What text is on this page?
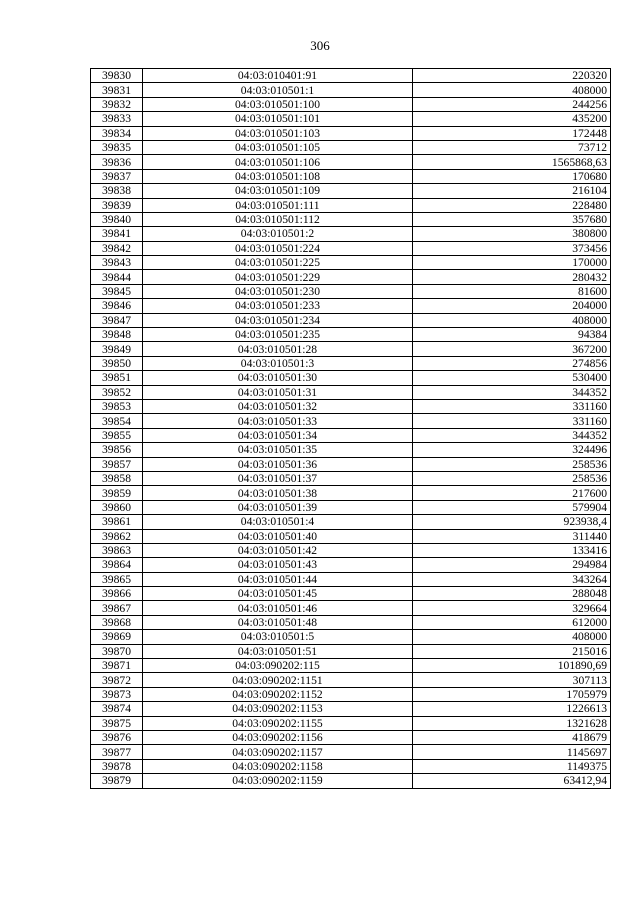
306
39830	04:03:010401:91	220320
39831	04:03:010501:1	408000
39832	04:03:010501:100	244256
39833	04:03:010501:101	435200
39834	04:03:010501:103	172448
39835	04:03:010501:105	73712
39836	04:03:010501:106	1565868,63
39837	04:03:010501:108	170680
39838	04:03:010501:109	216104
39839	04:03:010501:111	228480
39840	04:03:010501:112	357680
39841	04:03:010501:2	380800
39842	04:03:010501:224	373456
39843	04:03:010501:225	170000
39844	04:03:010501:229	280432
39845	04:03:010501:230	81600
39846	04:03:010501:233	204000
39847	04:03:010501:234	408000
39848	04:03:010501:235	94384
39849	04:03:010501:28	367200
39850	04:03:010501:3	274856
39851	04:03:010501:30	530400
39852	04:03:010501:31	344352
39853	04:03:010501:32	331160
39854	04:03:010501:33	331160
39855	04:03:010501:34	344352
39856	04:03:010501:35	324496
39857	04:03:010501:36	258536
39858	04:03:010501:37	258536
39859	04:03:010501:38	217600
39860	04:03:010501:39	579904
39861	04:03:010501:4	923938,4
39862	04:03:010501:40	311440
39863	04:03:010501:42	133416
39864	04:03:010501:43	294984
39865	04:03:010501:44	343264
39866	04:03:010501:45	288048
39867	04:03:010501:46	329664
39868	04:03:010501:48	612000
39869	04:03:010501:5	408000
39870	04:03:010501:51	215016
39871	04:03:090202:115	101890,69
39872	04:03:090202:1151	307113
39873	04:03:090202:1152	1705979
39874	04:03:090202:1153	1226613
39875	04:03:090202:1155	1321628
39876	04:03:090202:1156	418679
39877	04:03:090202:1157	1145697
39878	04:03:090202:1158	1149375
39879	04:03:090202:1159	63412,94
